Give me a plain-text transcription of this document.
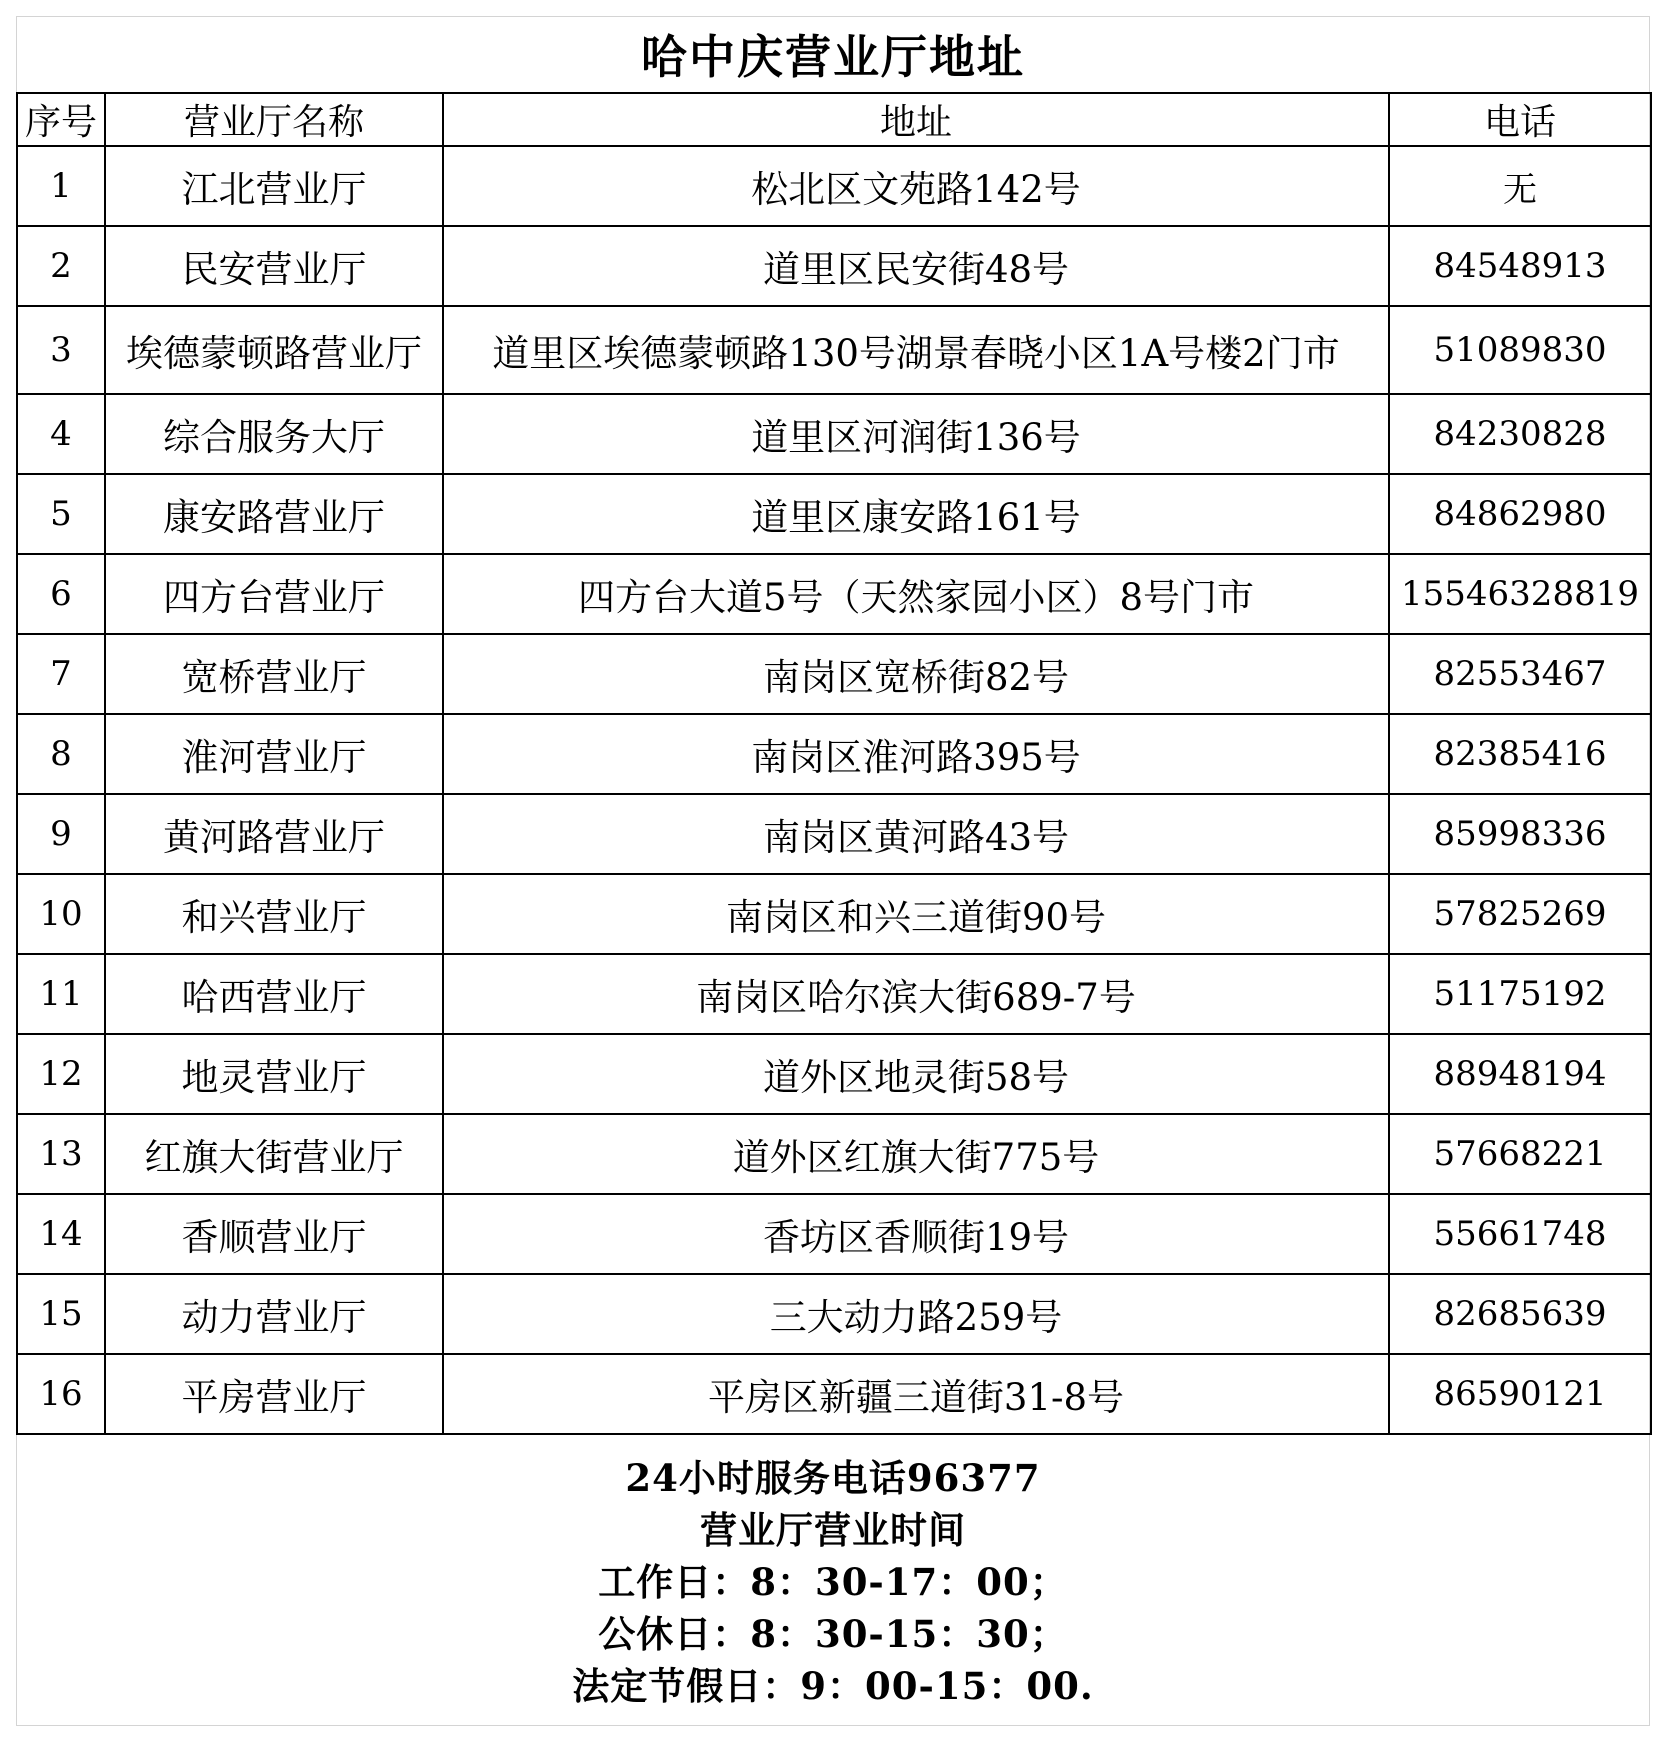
哈中庆营业厅地址
序号	营业厅名称	地址	电话
1	江北营业厅	松北区文苑路142号	无
2	民安营业厅	道里区民安街48号	84548913
3	埃德蒙顿路营业厅	道里区埃德蒙顿路130号湖景春晓小区1A号楼2门市	51089830
4	综合服务大厅	道里区河润街136号	84230828
5	康安路营业厅	道里区康安路161号	84862980
6	四方台营业厅	四方台大道5号（天然家园小区）8号门市	15546328819
7	宽桥营业厅	南岗区宽桥街82号	82553467
8	淮河营业厅	南岗区淮河路395号	82385416
9	黄河路营业厅	南岗区黄河路43号	85998336
10	和兴营业厅	南岗区和兴三道街90号	57825269
11	哈西营业厅	南岗区哈尔滨大街689-7号	51175192
12	地灵营业厅	道外区地灵街58号	88948194
13	红旗大街营业厅	道外区红旗大街775号	57668221
14	香顺营业厅	香坊区香顺街19号	55661748
15	动力营业厅	三大动力路259号	82685639
16	平房营业厅	平房区新疆三道街31-8号	86590121
24小时服务电话96377
营业厅营业时间
工作日：8：30-17：00；
公休日：8：30-15：30；
法定节假日：9：00-15：00.
